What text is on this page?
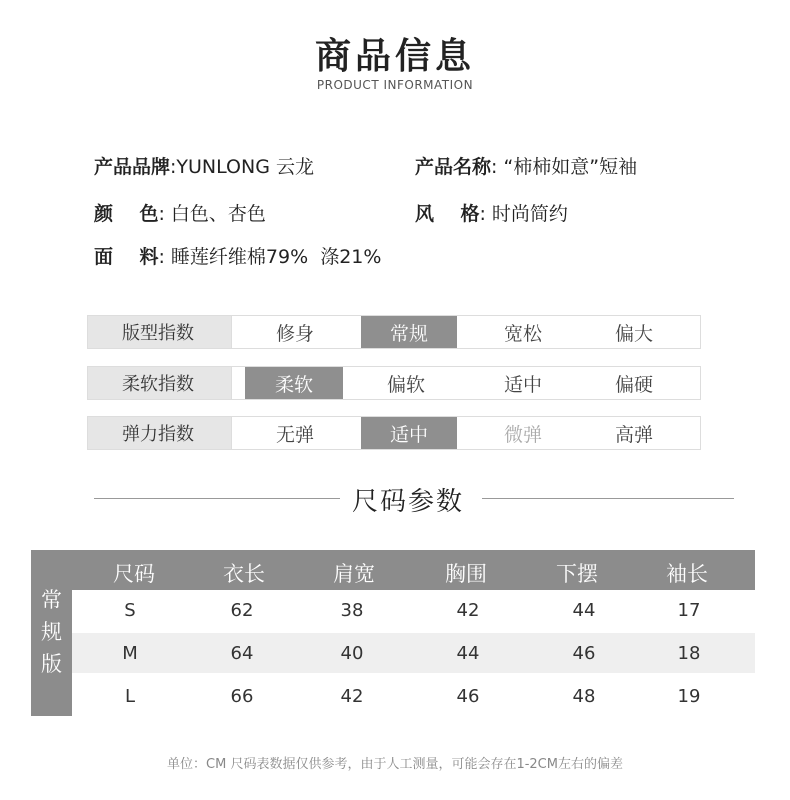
商品信息
PRODUCT INFORMATION
产品品牌:YUNLONG 云龙	产品名称: “柿柿如意”短袖
颜    色: 白色、杏色	风    格: 时尚简约
面    料: 睡莲纤维棉79%  涤21%
版型指数	修身	常规	宽松	偏大
柔软指数	柔软	偏软	适中	偏硬
弹力指数	无弹	适中	微弹	高弹
尺码参数
常
规
版
尺码	衣长	肩宽	胸围	下摆	袖长
S	62	38	42	44	17
M	64	40	44	46	18
L	66	42	46	48	19
单位：CM 尺码表数据仅供参考，由于人工测量，可能会存在1-2CM左右的偏差
